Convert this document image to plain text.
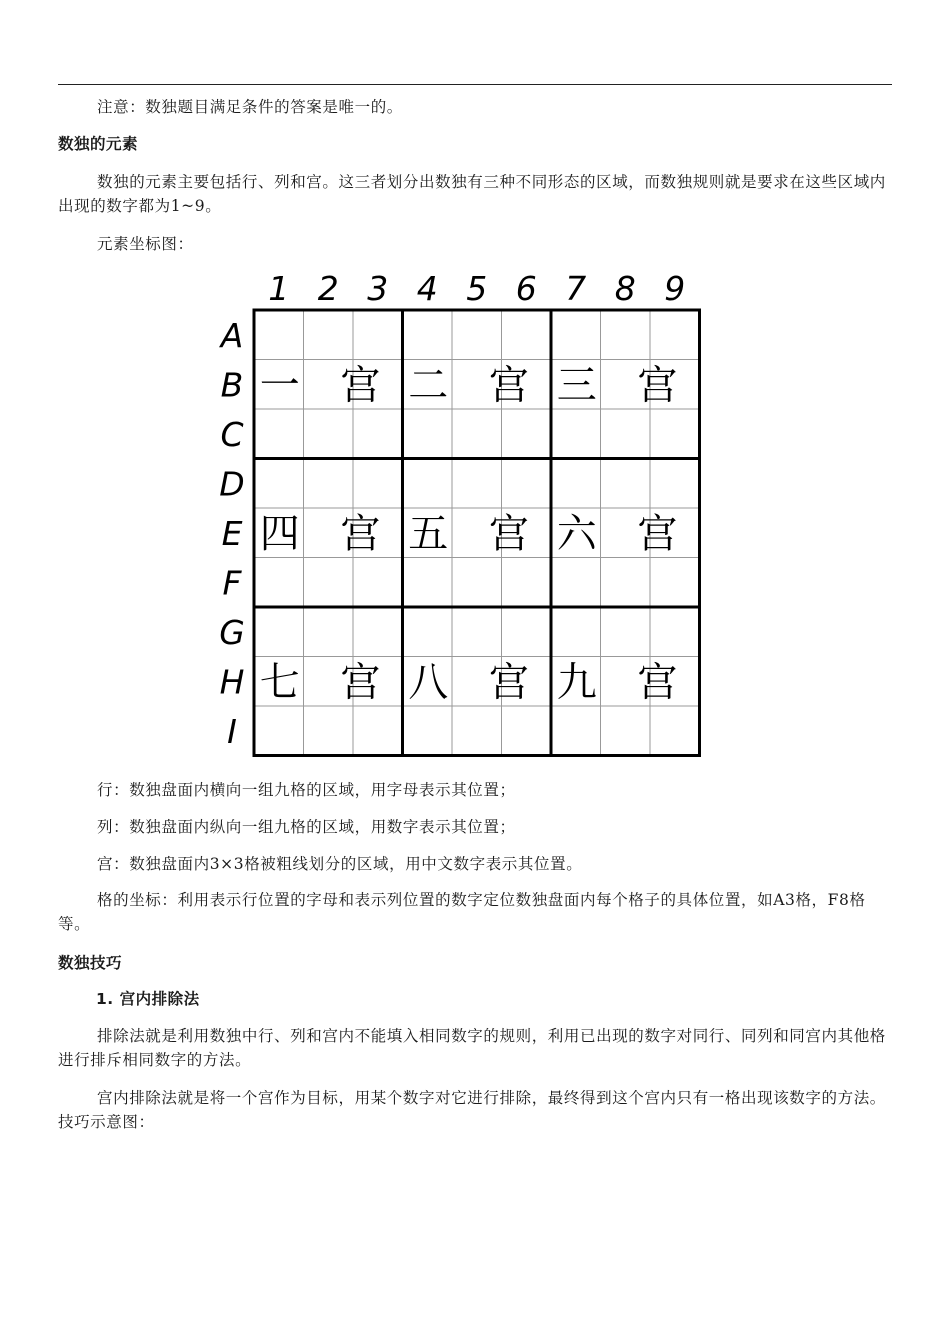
注意：数独题目满足条件的答案是唯一的。

数独的元素

数独的元素主要包括行、列和宫。这三者划分出数独有三种不同形态的区域，而数独规则就是要求在这些区域内出现的数字都为1~9。

元素坐标图：

1 2 3 4 5 6 7 8 9
A
B
C
D
E
F
G
H
I
一 宫 二 宫 三 宫
四 宫 五 宫 六 宫
七 宫 八 宫 九 宫

行：数独盘面内横向一组九格的区域，用字母表示其位置；

列：数独盘面内纵向一组九格的区域，用数字表示其位置；

宫：数独盘面内3×3格被粗线划分的区域，用中文数字表示其位置。

格的坐标：利用表示行位置的字母和表示列位置的数字定位数独盘面内每个格子的具体位置，如A3格，F8格等。

数独技巧
1. 宫内排除法

排除法就是利用数独中行、列和宫内不能填入相同数字的规则，利用已出现的数字对同行、同列和同宫内其他格进行排斥相同数字的方法。

宫内排除法就是将一个宫作为目标，用某个数字对它进行排除，最终得到这个宫内只有一格出现该数字的方法。技巧示意图：
